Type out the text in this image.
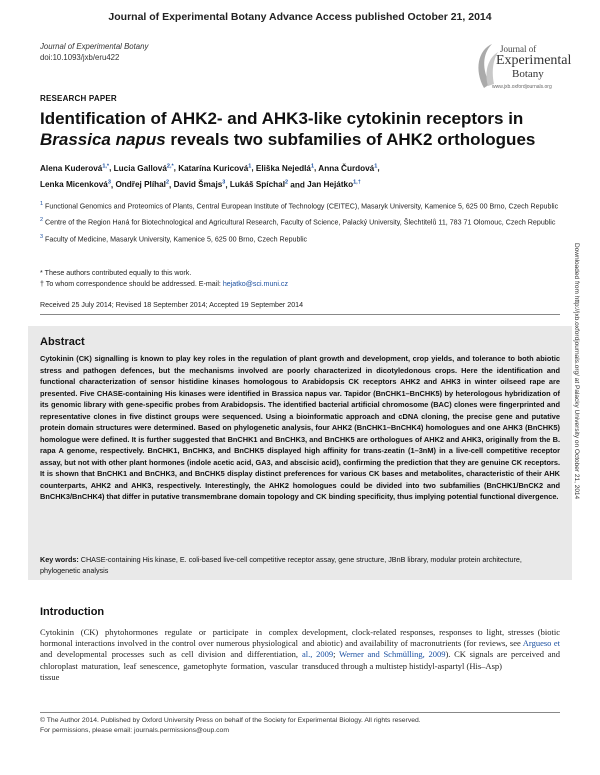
Journal of Experimental Botany Advance Access published October 21, 2014
Journal of Experimental Botany
doi:10.1093/jxb/eru422
Journal of
Experimental
Botany
www.jxb.oxfordjournals.org
RESEARCH PAPER
Identification of AHK2- and AHK3-like cytokinin receptors in
Brassica napus reveals two subfamilies of AHK2 orthologues
Alena Kuderová$^{1,*}$, Lucia Gallová$^{2,*}$, Katarína Kuricová$^1$, Eliška Nejedlá$^1$, Anna Čurdová$^1$,
Lenka Micenková$^3$, Ondřej Plíhal$^2$, David Šmajs$^3$, Lukáš Spíchal$^2$ and Jan Hejátko$^{1,\dagger}$

$^1$ Functional Genomics and Proteomics of Plants, Central European Institute of Technology (CEITEC), Masaryk University, Kamenice 5, 625 00 Brno, Czech Republic

$^2$ Centre of the Region Haná for Biotechnological and Agricultural Research, Faculty of Science, Palacký University, Šlechtitelů 11, 783 71 Olomouc, Czech Republic

$^3$ Faculty of Medicine, Masaryk University, Kamenice 5, 625 00 Brno, Czech Republic

* These authors contributed equally to this work.

† To whom correspondence should be addressed. E-mail: hejatko@sci.muni.cz

Received 25 July 2014; Revised 18 September 2014; Accepted 19 September 2014
Abstract
Cytokinin (CK) signalling is known to play key roles in the regulation of plant growth and development, crop yields, and tolerance to both abiotic stress and pathogen defences, but the mechanisms involved are poorly characterized in dicotyledonous crops. Here the identification and functional characterization of sensor histidine kinases homologous to Arabidopsis CK receptors AHK2 and AHK3 in winter oilseed rape are presented. Five CHASE-containing His kinases were identified in Brassica napus var. Tapidor (BnCHK1–BnCHK5) by heterologous hybridization of its genomic library with gene-specific probes from Arabidopsis. The identified bacterial artificial chromosome (BAC) clones were fingerprinted and representative clones in five distinct groups were sequenced. Using a bioinformatic approach and cDNA cloning, the precise gene and putative protein domain structures were determined. Based on phylogenetic analysis, four AHK2 (BnCHK1–BnCHK4) homologues and one AHK3 (BnCHK5) homologue were defined. It is further suggested that BnCHK1 and BnCHK3, and BnCHK5 are orthologues of AHK2 and AHK3, originally from the B. rapa A genome, respectively. BnCHK1, BnCHK3, and BnCHK5 displayed high affinity for trans-zeatin (1–3nM) in a live-cell competitive receptor assay, but not with other plant hormones (indole acetic acid, GA3, and abscisic acid), confirming the prediction that they are genuine CK receptors. It is shown that BnCHK1 and BnCHK3, and BnCHK5 display distinct preferences for various CK bases and metabolites, characteristic of their AHK counterparts, AHK2 and AHK3, respectively. Interestingly, the AHK2 homologues could be divided into two subfamilies (BnCHK1/BnCK2 and BnCHK3/BnCHK4) that differ in putative transmembrane domain topology and CK binding specificity, thus implying potential functional divergence.
Key words: CHASE-containing His kinase, E. coli-based live-cell competitive receptor assay, gene structure, JBnB library, modular protein architecture, phylogenetic analysis
Introduction
Cytokinin (CK) phytohormones regulate or participate in complex hormonal interactions involved in the control over numerous physiological and developmental processes such as cell division and differentiation, chloroplast maturation, leaf senescence, gametophyte formation, vascular tissue
development, clock-related responses, responses to light, stresses (biotic and abiotic) and availability of macronutrients (for reviews, see Argueso et al., 2009; Werner and Schmülling, 2009). CK signals are perceived and transduced through a multistep histidyl-aspartyl (His–Asp)

© The Author 2014. Published by Oxford University Press on behalf of the Society for Experimental Biology. All rights reserved.

For permissions, please email: journals.permissions@oup.com

Downloaded from http://jxb.oxfordjournals.org/ at Palacky University on October 21, 2014
